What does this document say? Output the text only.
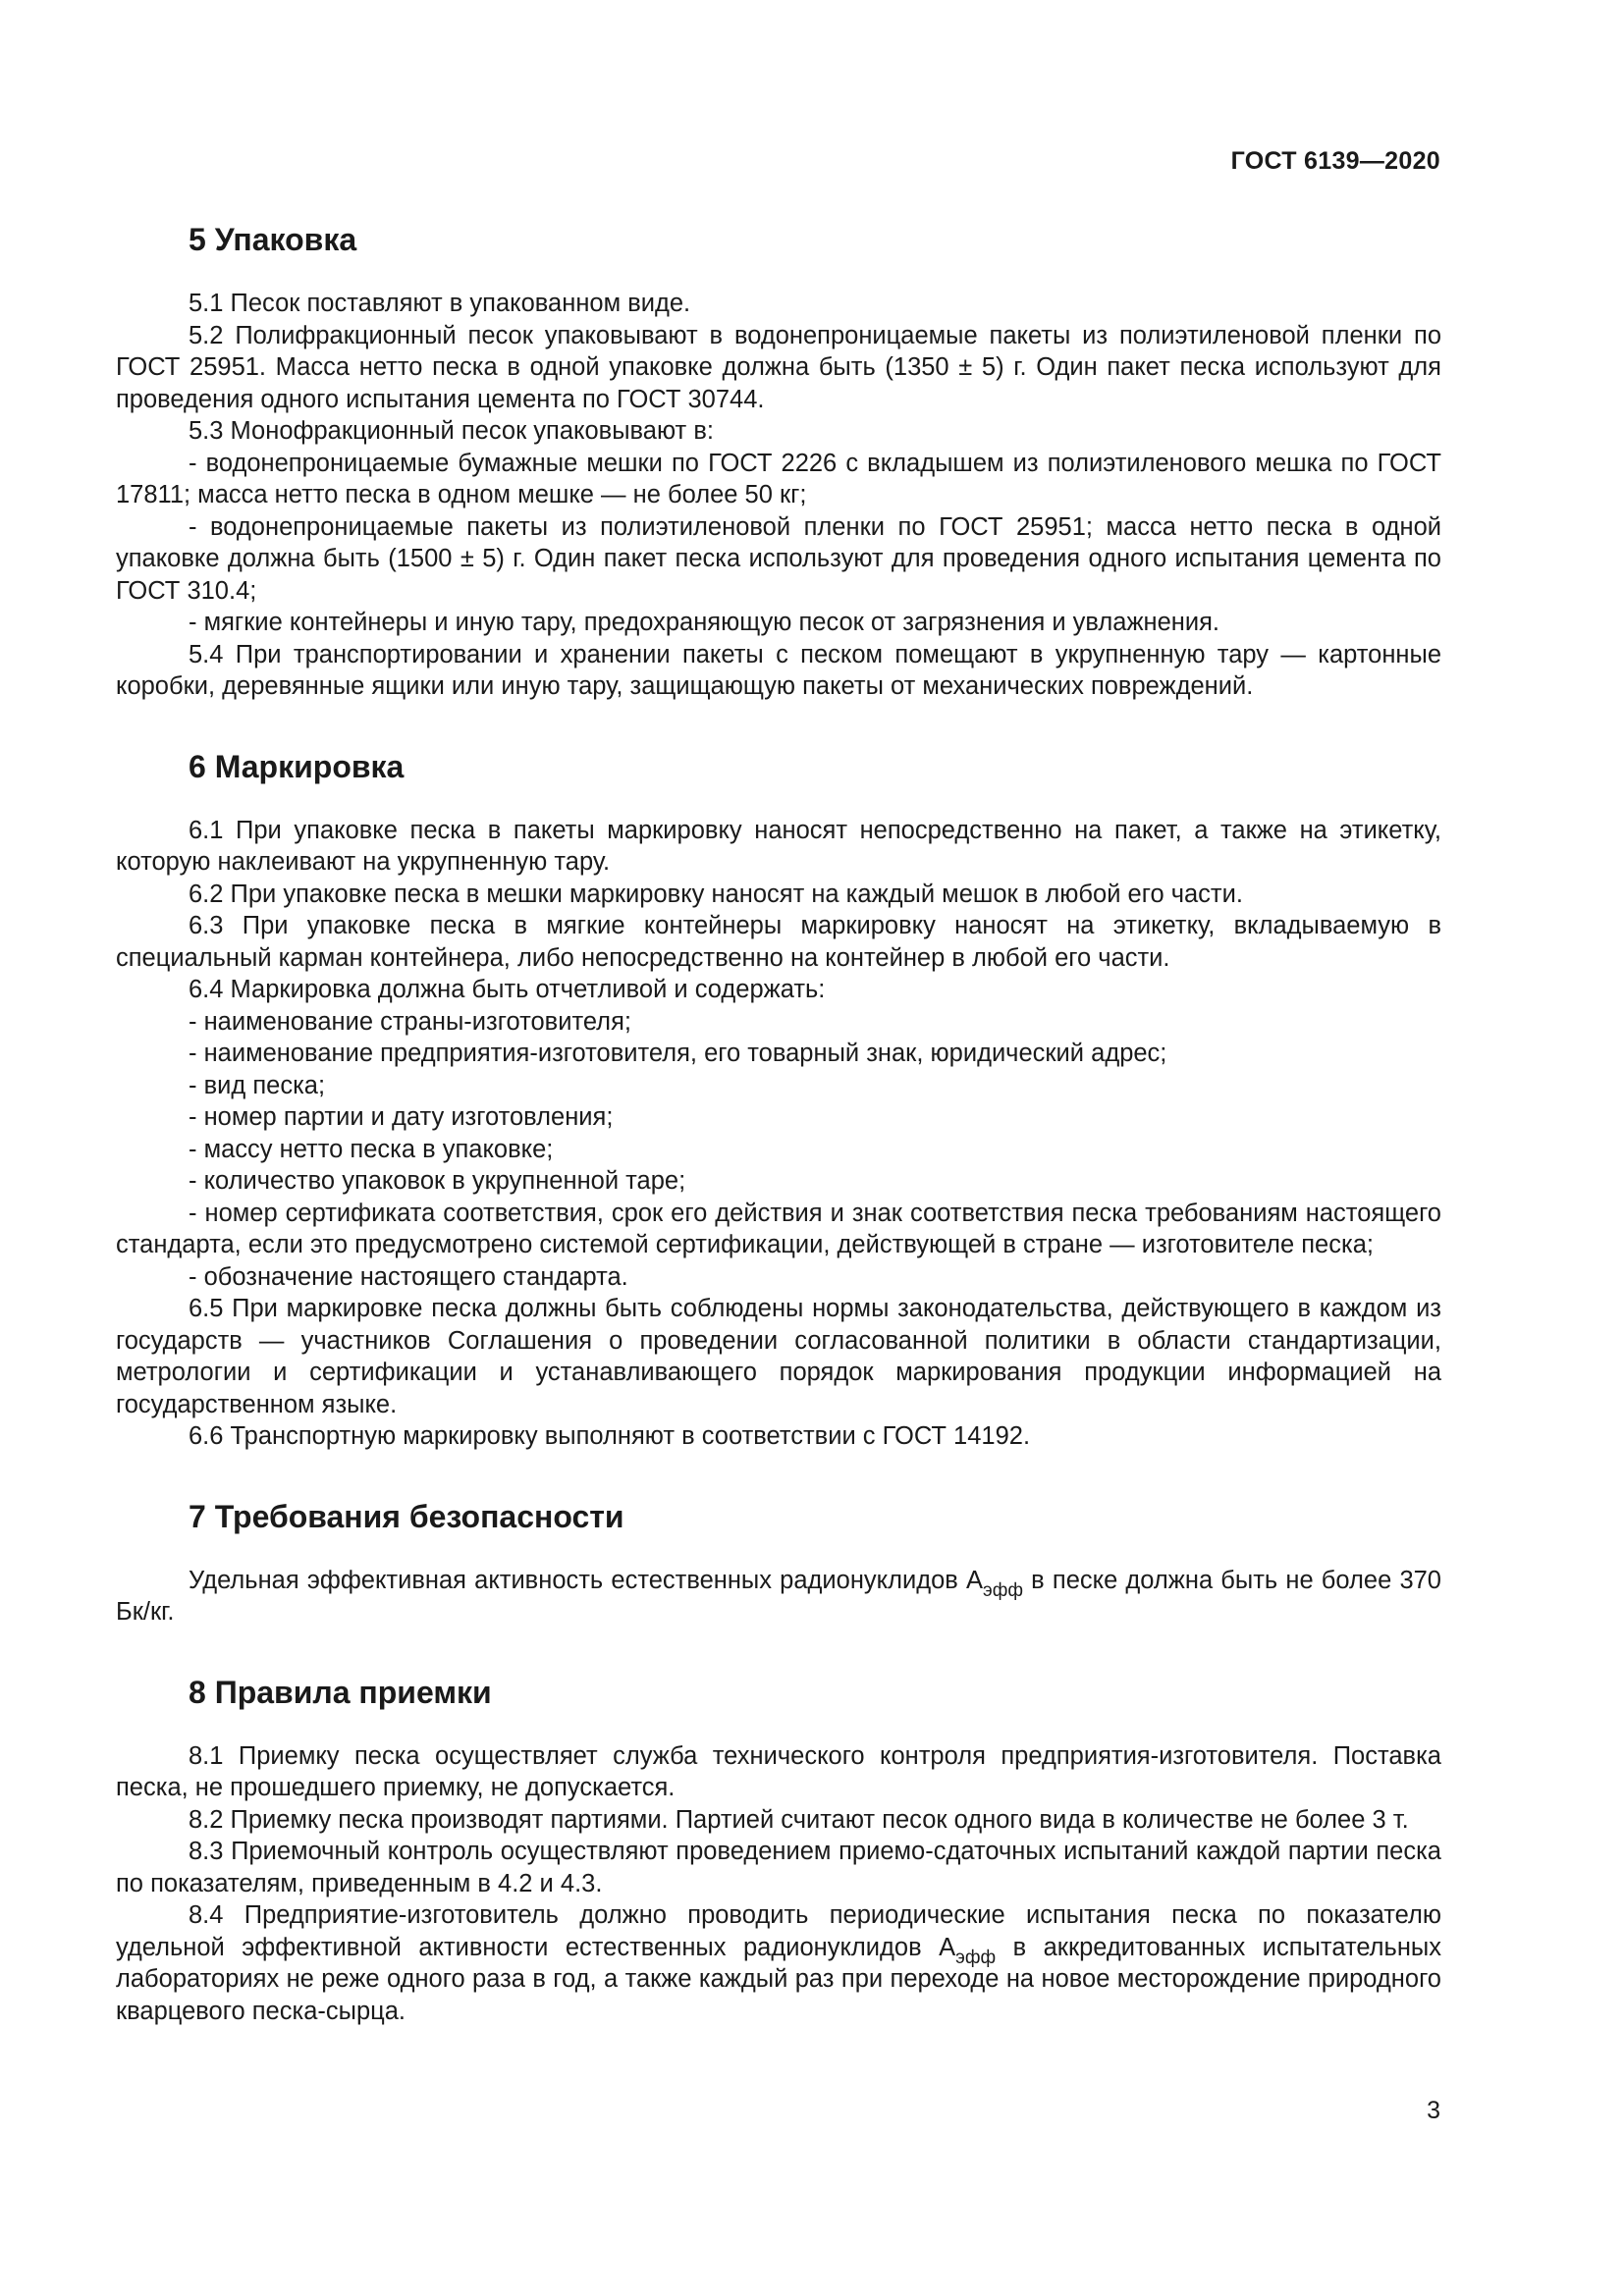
ГОСТ 6139—2020
5 Упаковка

5.1 Песок поставляют в упакованном виде.

5.2 Полифракционный песок упаковывают в водонепроницаемые пакеты из полиэтиленовой пленки по ГОСТ 25951. Масса нетто песка в одной упаковке должна быть (1350 ± 5) г. Один пакет песка используют для проведения одного испытания цемента по ГОСТ 30744.

5.3 Монофракционный песок упаковывают в:

- водонепроницаемые бумажные мешки по ГОСТ 2226 с вкладышем из полиэтиленового мешка по ГОСТ 17811; масса нетто песка в одном мешке — не более 50 кг;

- водонепроницаемые пакеты из полиэтиленовой пленки по ГОСТ 25951; масса нетто песка в одной упаковке должна быть (1500 ± 5) г. Один пакет песка используют для проведения одного испытания цемента по ГОСТ 310.4;

- мягкие контейнеры и иную тару, предохраняющую песок от загрязнения и увлажнения.

5.4 При транспортировании и хранении пакеты с песком помещают в укрупненную тару — картонные коробки, деревянные ящики или иную тару, защищающую пакеты от механических повреждений.

6 Маркировка

6.1 При упаковке песка в пакеты маркировку наносят непосредственно на пакет, а также на этикетку, которую наклеивают на укрупненную тару.

6.2 При упаковке песка в мешки маркировку наносят на каждый мешок в любой его части.

6.3 При упаковке песка в мягкие контейнеры маркировку наносят на этикетку, вкладываемую в специальный карман контейнера, либо непосредственно на контейнер в любой его части.

6.4 Маркировка должна быть отчетливой и содержать:

- наименование страны-изготовителя;

- наименование предприятия-изготовителя, его товарный знак, юридический адрес;

- вид песка;

- номер партии и дату изготовления;

- массу нетто песка в упаковке;

- количество упаковок в укрупненной таре;

- номер сертификата соответствия, срок его действия и знак соответствия песка требованиям настоящего стандарта, если это предусмотрено системой сертификации, действующей в стране — изготовителе песка;

- обозначение настоящего стандарта.

6.5 При маркировке песка должны быть соблюдены нормы законодательства, действующего в каждом из государств — участников Соглашения о проведении согласованной политики в области стандартизации, метрологии и сертификации и устанавливающего порядок маркирования продукции информацией на государственном языке.

6.6 Транспортную маркировку выполняют в соответствии с ГОСТ 14192.

7 Требования безопасности

Удельная эффективная активность естественных радионуклидов $А_{эфф}$ в песке должна быть не более 370 Бк/кг.

8 Правила приемки

8.1 Приемку песка осуществляет служба технического контроля предприятия-изготовителя. Поставка песка, не прошедшего приемку, не допускается.

8.2 Приемку песка производят партиями. Партией считают песок одного вида в количестве не более 3 т.

8.3 Приемочный контроль осуществляют проведением приемо-сдаточных испытаний каждой партии песка по показателям, приведенным в 4.2 и 4.3.

8.4 Предприятие-изготовитель должно проводить периодические испытания песка по показателю удельной эффективной активности естественных радионуклидов $А_{эфф}$ в аккредитованных испытательных лабораториях не реже одного раза в год, а также каждый раз при переходе на новое месторождение природного кварцевого песка-сырца.

3
